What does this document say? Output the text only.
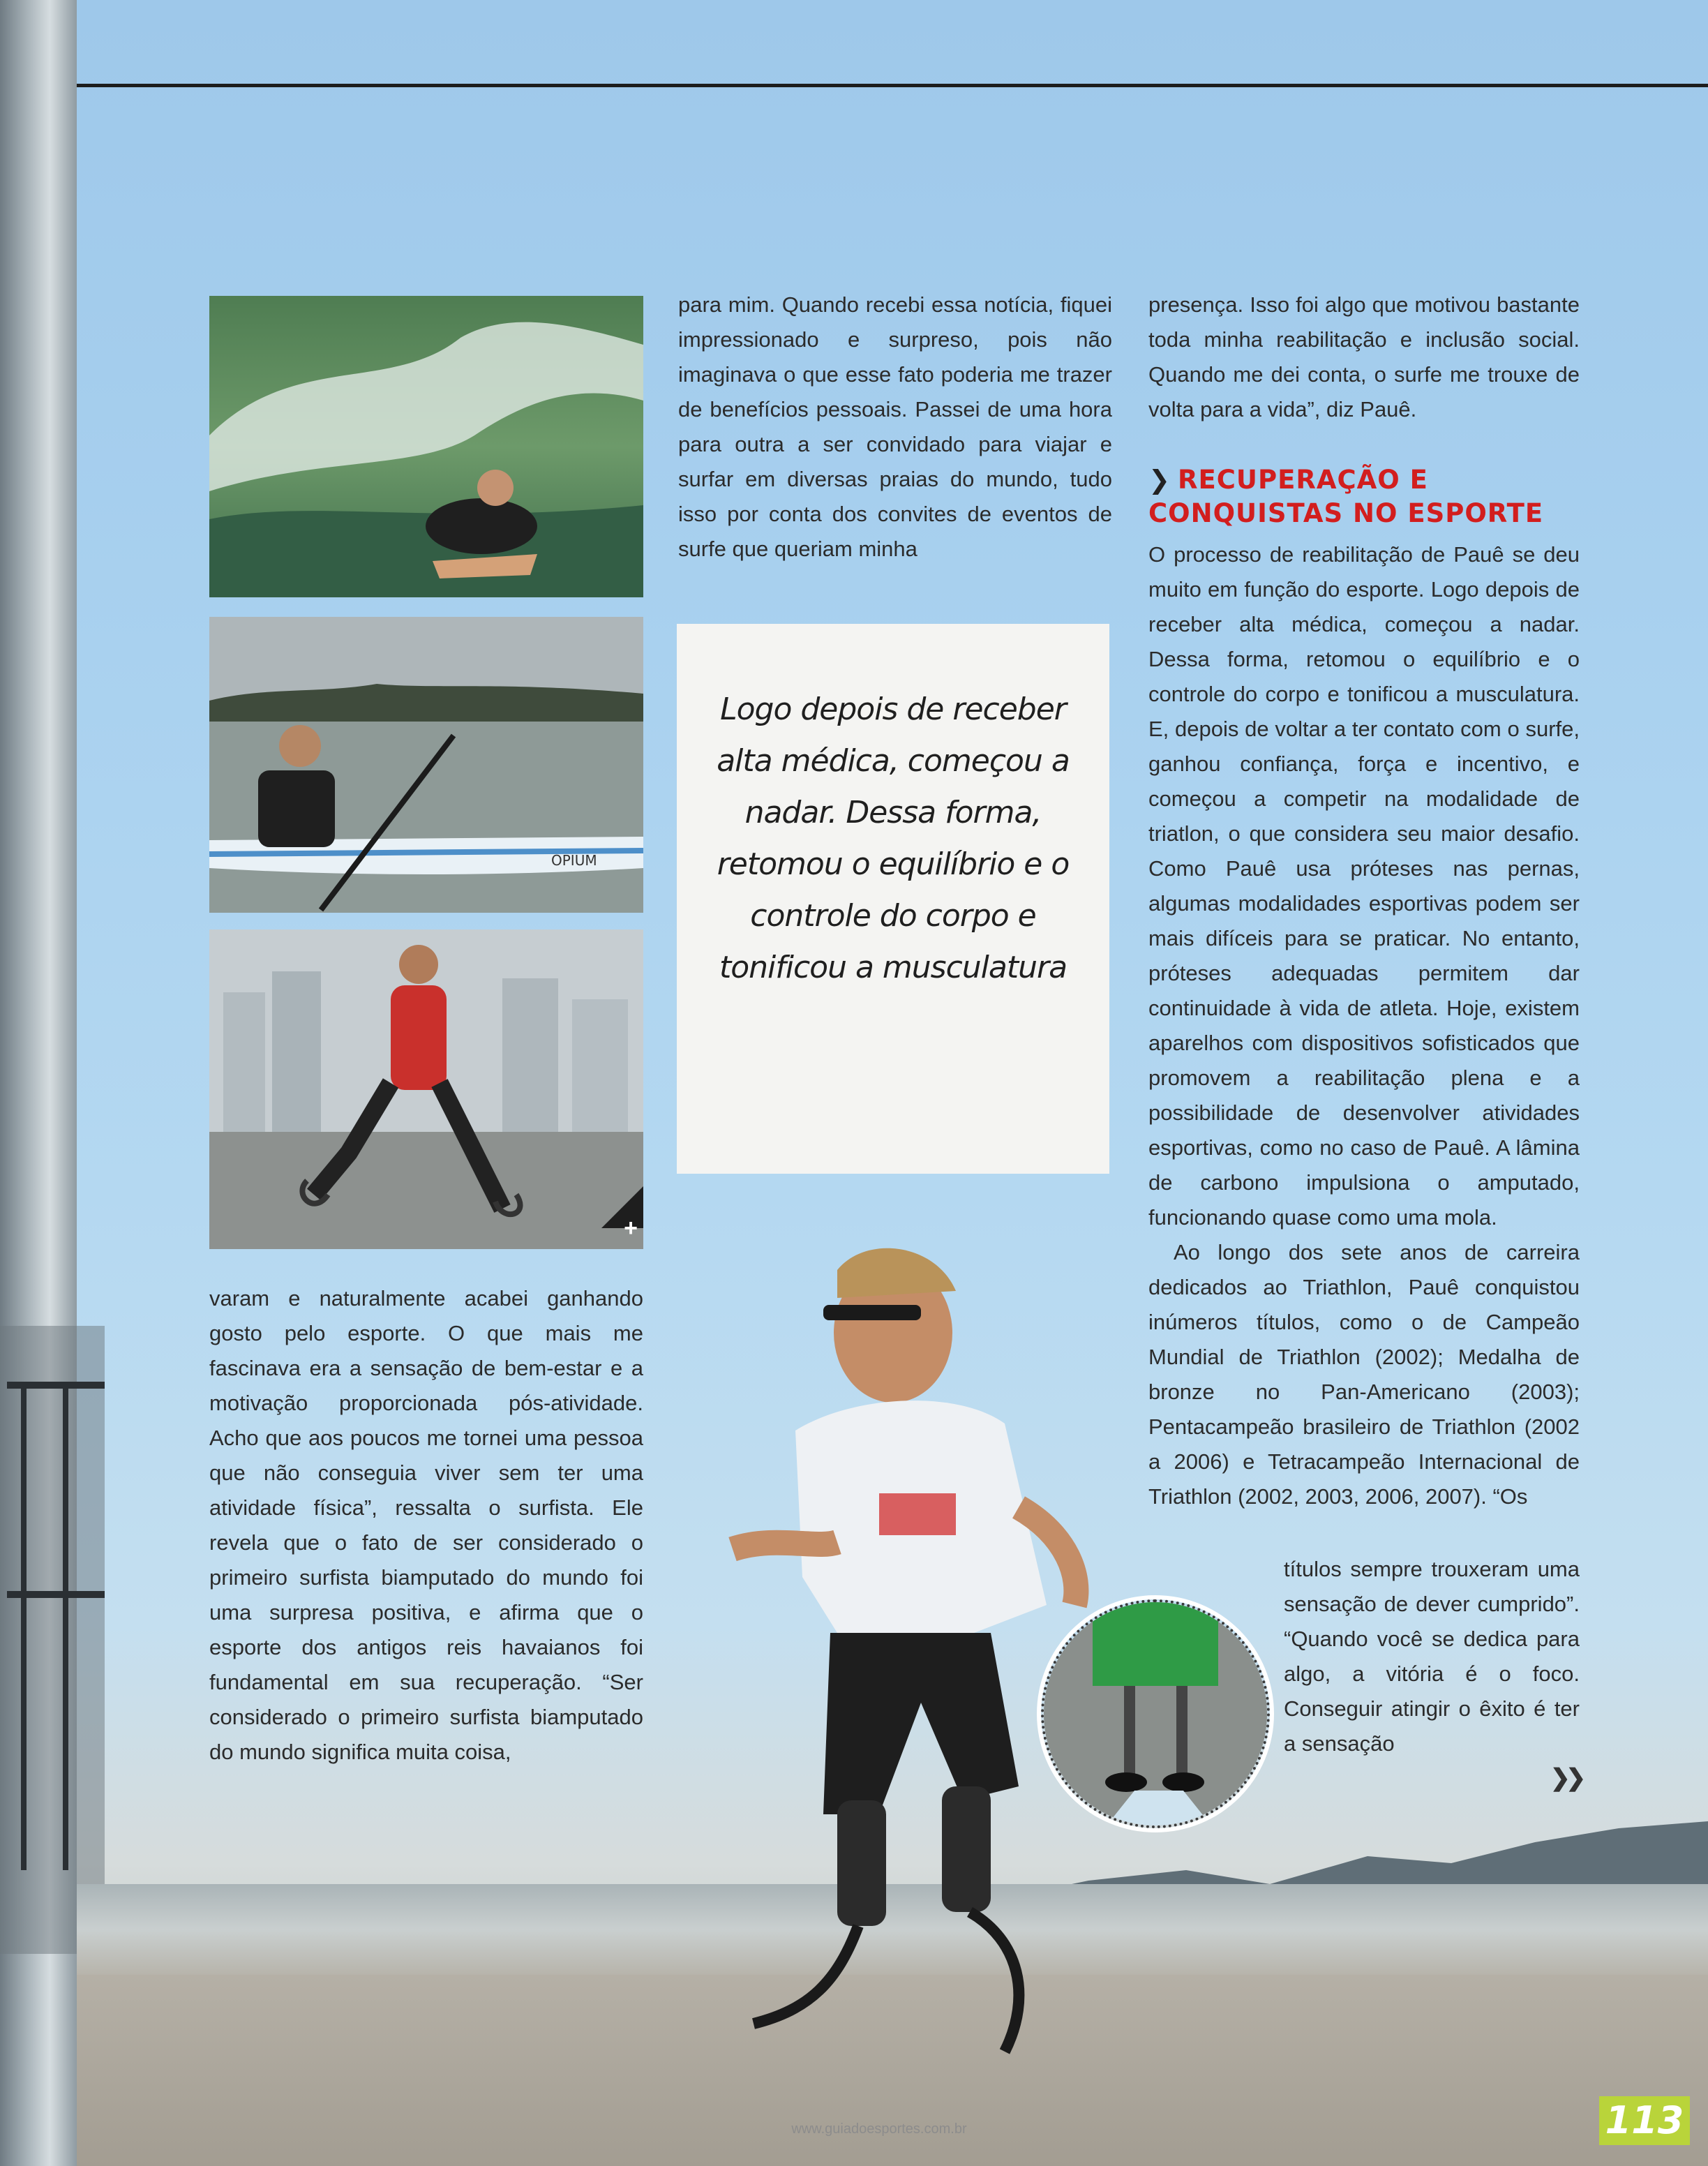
OPIUM
+

para mim. Quando recebi essa notícia, fiquei impressionado e surpreso, pois não imaginava o que esse fato poderia me trazer de benefícios pessoais. Passei de uma hora para outra a ser convidado para viajar e surfar em diversas praias do mundo, tudo isso por conta dos convites de eventos de surfe que queriam minha

Logo depois de receber alta médica, começou a nadar. Dessa forma, retomou o equilíbrio e o controle do corpo e tonificou a musculatura

varam e naturalmente acabei ganhando gosto pelo esporte. O que mais me fascinava era a sensação de bem-estar e a motivação proporcionada pós-atividade. Acho que aos poucos me tornei uma pessoa que não conseguia viver sem ter uma atividade física”, ressalta o surfista. Ele revela que o fato de ser considerado o primeiro surfista biamputado do mundo foi uma surpresa positiva, e afirma que o esporte dos antigos reis havaianos foi fundamental em sua recuperação. “Ser considerado o primeiro surfista biamputado do mundo significa muita coisa,

presença. Isso foi algo que motivou bastante toda minha reabilitação e inclusão social. Quando me dei conta, o surfe me trouxe de volta para a vida”, diz Pauê.

❯ RECUPERAÇÃO E CONQUISTAS NO ESPORTE

O processo de reabilitação de Pauê se deu muito em função do esporte. Logo depois de receber alta médica, começou a nadar. Dessa forma, retomou o equilíbrio e o controle do corpo e tonificou a musculatura. E, depois de voltar a ter contato com o surfe, ganhou confiança, força e incentivo, e começou a competir na modalidade de triatlon, o que considera seu maior desafio. Como Pauê usa próteses nas pernas, algumas modalidades esportivas podem ser mais difíceis para se praticar. No entanto, próteses adequadas permitem dar continuidade à vida de atleta. Hoje, existem aparelhos com dispositivos sofisticados que promovem a reabilitação plena e a possibilidade de desenvolver atividades esportivas, como no caso de Pauê. A lâmina de carbono impulsiona o amputado, funcionando quase como uma mola.

Ao longo dos sete anos de carreira dedicados ao Triathlon, Pauê conquistou inúmeros títulos, como o de Campeão Mundial de Triathlon (2002); Medalha de bronze no Pan-Americano (2003); Pentacampeão brasileiro de Triathlon (2002 a 2006) e Tetracampeão Internacional de Triathlon (2002, 2003, 2006, 2007). “Os

títulos sempre trouxeram uma sensação de dever cumprido”. “Quando você se dedica para algo, a vitória é o foco. Conseguir atingir o êxito é ter a sensação

❯❯
www.guiadoesportes.com.br	113
